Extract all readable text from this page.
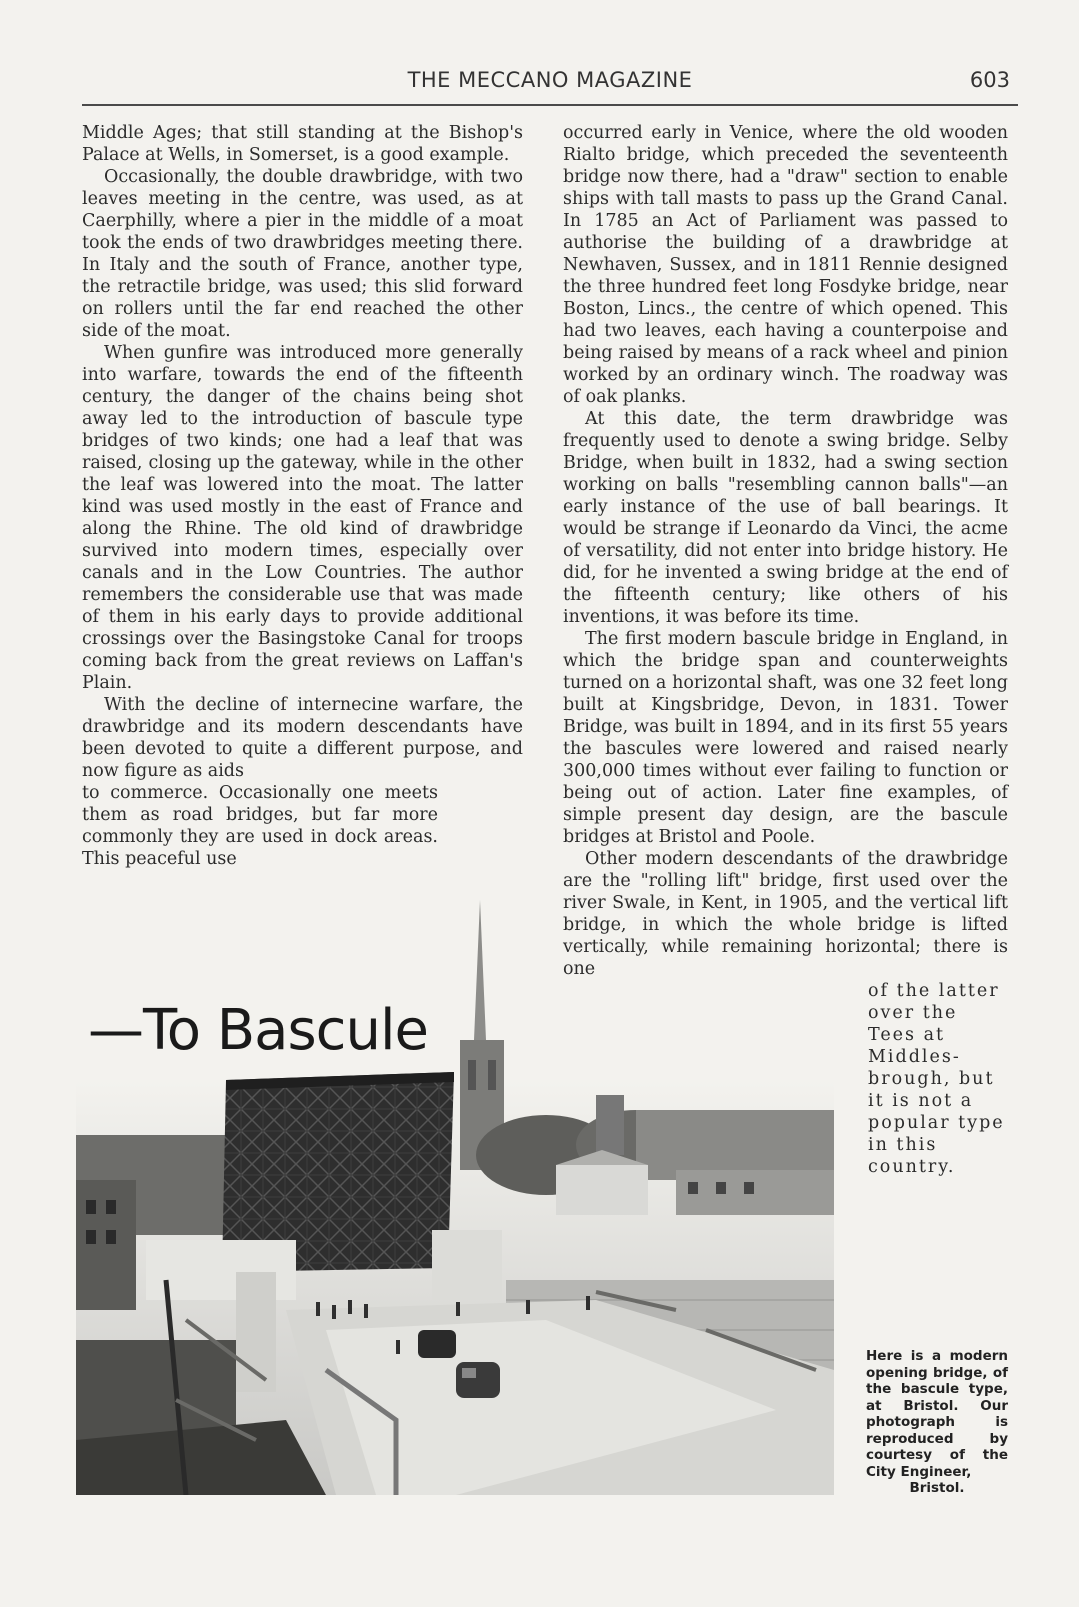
THE MECCANO MAGAZINE	603

Middle Ages; that still standing at the Bishop's Palace at Wells, in Somerset, is a good example.

Occasionally, the double drawbridge, with two leaves meeting in the centre, was used, as at Caerphilly, where a pier in the middle of a moat took the ends of two drawbridges meeting there. In Italy and the south of France, another type, the retractile bridge, was used; this slid forward on rollers until the far end reached the other side of the moat.

When gunfire was introduced more generally into warfare, towards the end of the fifteenth century, the danger of the chains being shot away led to the introduction of bascule type bridges of two kinds; one had a leaf that was raised, closing up the gateway, while in the other the leaf was lowered into the moat. The latter kind was used mostly in the east of France and along the Rhine. The old kind of drawbridge survived into modern times, especially over canals and in the Low Countries. The author remembers the considerable use that was made of them in his early days to provide additional crossings over the Basingstoke Canal for troops coming back from the great reviews on Laffan's Plain.

With the decline of internecine warfare, the drawbridge and its modern descendants have been devoted to quite a different purpose, and now figure as aids

to commerce. Occasionally one meets them as road bridges, but far more commonly they are used in dock areas. This peaceful use

—To Bascule

occurred early in Venice, where the old wooden Rialto bridge, which preceded the seventeenth bridge now there, had a "draw" section to enable ships with tall masts to pass up the Grand Canal. In 1785 an Act of Parliament was passed to authorise the building of a drawbridge at Newhaven, Sussex, and in 1811 Rennie designed the three hundred feet long Fosdyke bridge, near Boston, Lincs., the centre of which opened. This had two leaves, each having a counterpoise and being raised by means of a rack wheel and pinion worked by an ordinary winch. The roadway was of oak planks.

At this date, the term drawbridge was frequently used to denote a swing bridge. Selby Bridge, when built in 1832, had a swing section working on balls "resembling cannon balls"—an early instance of the use of ball bearings. It would be strange if Leonardo da Vinci, the acme of versatility, did not enter into bridge history. He did, for he invented a swing bridge at the end of the fifteenth century; like others of his inventions, it was before its time.

The first modern bascule bridge in England, in which the bridge span and counterweights turned on a horizontal shaft, was one 32 feet long built at Kingsbridge, Devon, in 1831. Tower Bridge, was built in 1894, and in its first 55 years the bascules were lowered and raised nearly 300,000 times without ever failing to function or being out of action. Later fine examples, of simple present day design, are the bascule bridges at Bristol and Poole.

Other modern descendants of the drawbridge are the "rolling lift" bridge, first used over the river Swale, in Kent, in 1905, and the vertical lift bridge, in which the whole bridge is lifted vertically, while remaining horizontal; there is one

of the latter over the Tees at Middles-brough, but it is not a popular type in this country.

Here is a modern opening bridge, of the bascule type, at Bristol. Our photograph is reproduced by courtesy of the City Engineer,
Bristol.
